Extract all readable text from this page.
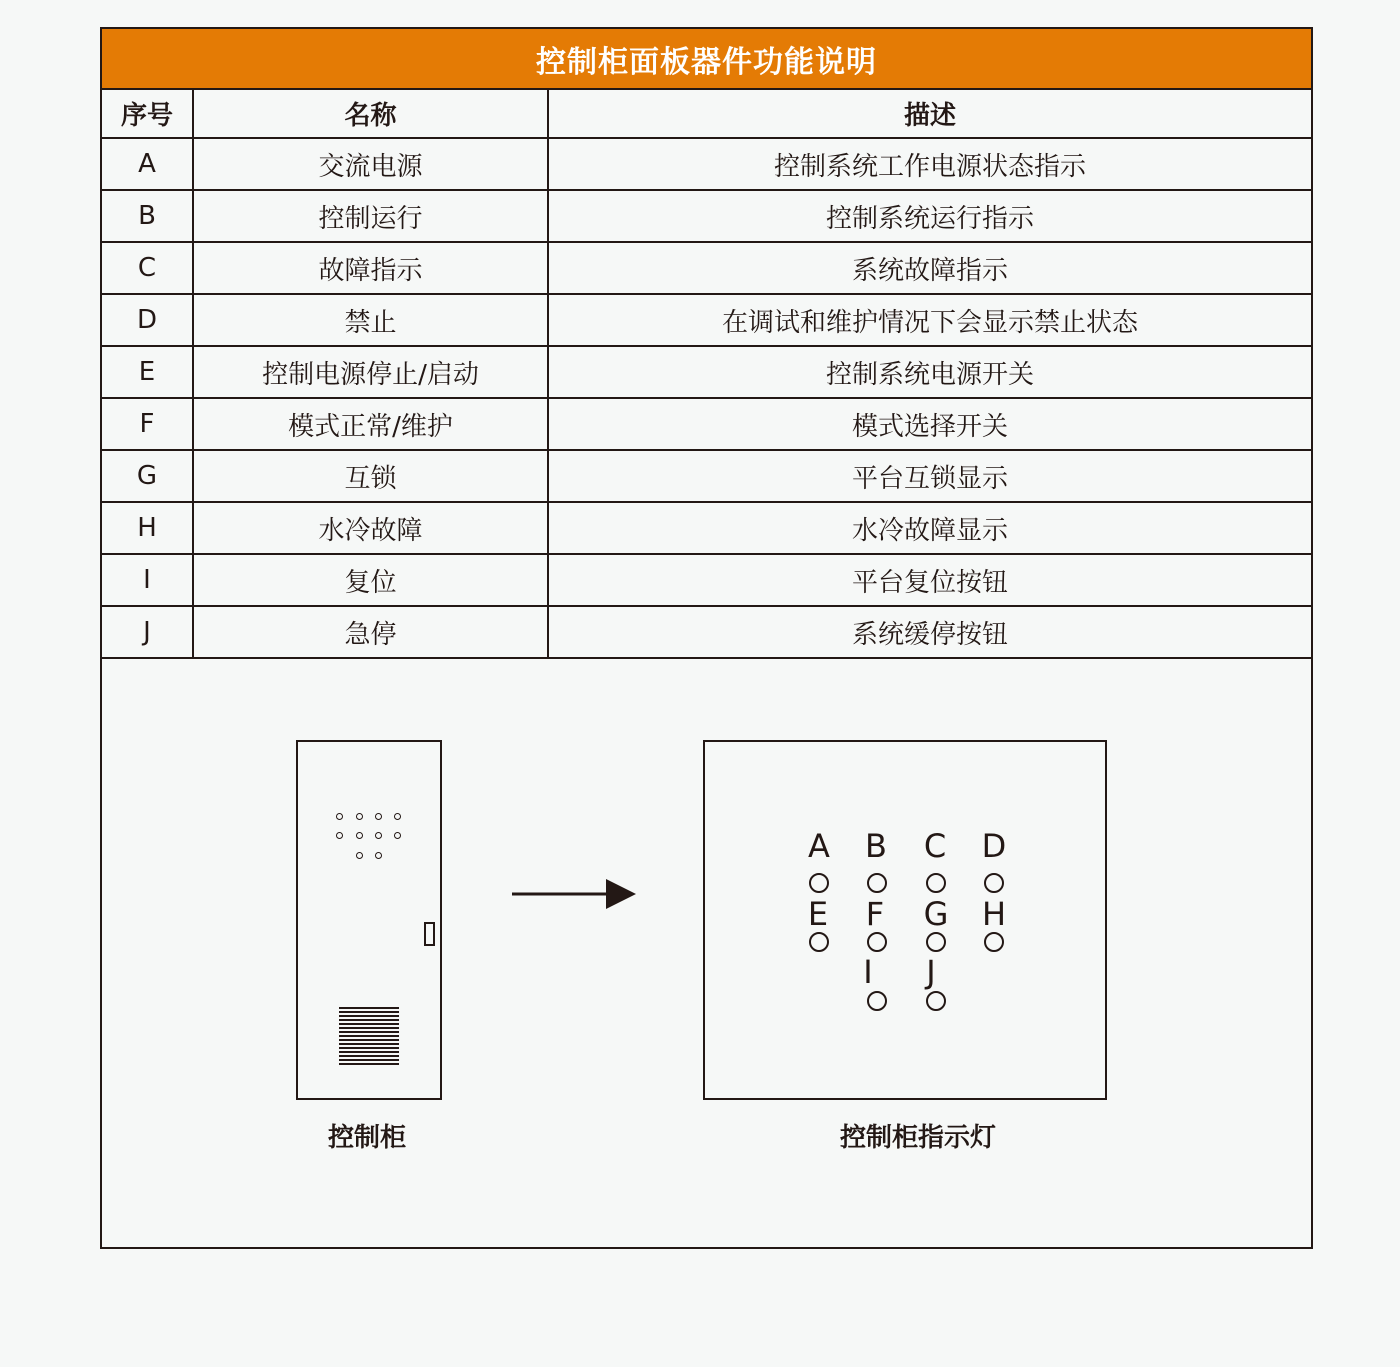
控制柜面板器件功能说明
序号	名称	描述
A	交流电源	控制系统工作电源状态指示
B	控制运行	控制系统运行指示
C	故障指示	系统故障指示
D	禁止	在调试和维护情况下会显示禁止状态
E	控制电源停止/启动	控制系统电源开关
F	模式正常/维护	模式选择开关
G	互锁	平台互锁显示
H	水冷故障	水冷故障显示
I	复位	平台复位按钮
J	急停	系统缓停按钮
控制柜
A B C D
E	F	G H
I	J
控制柜指示灯
